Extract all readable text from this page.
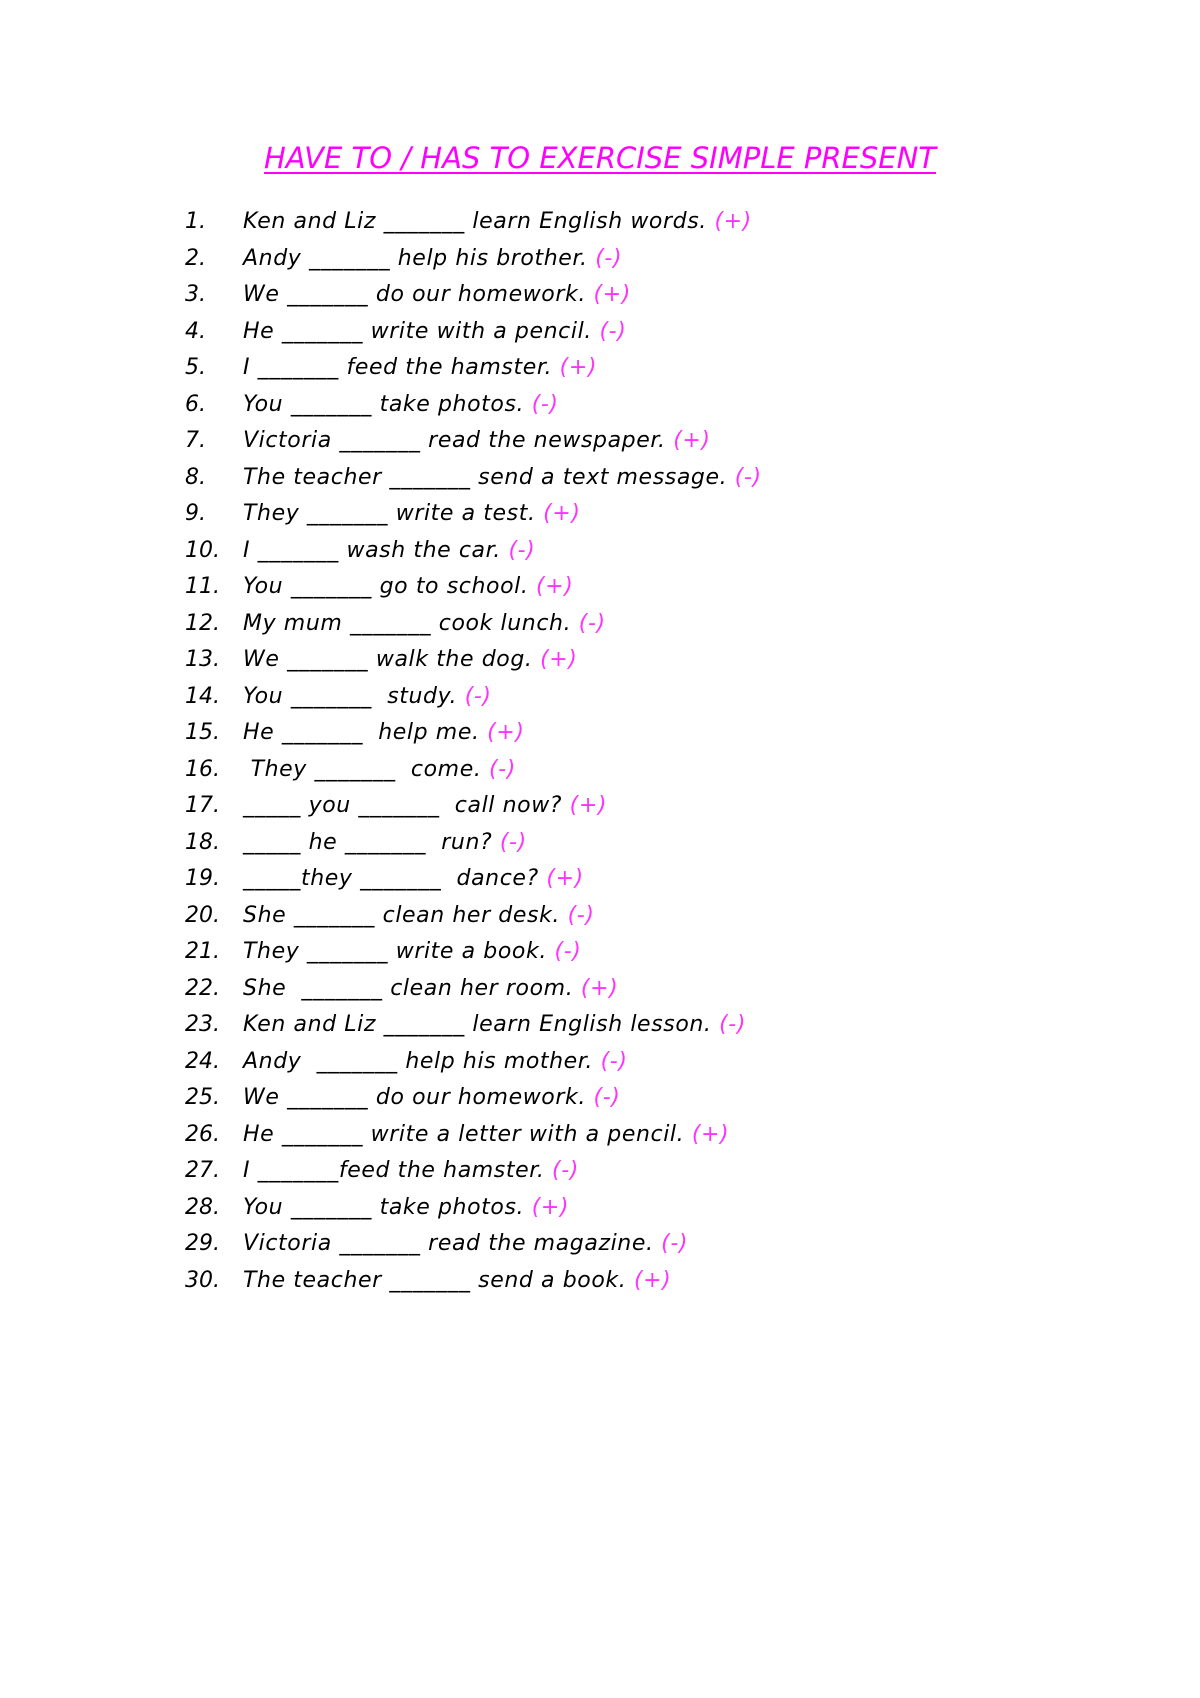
HAVE TO / HAS TO EXERCISE SIMPLE PRESENT
1. Ken and Liz _______ learn English words. (+)
2. Andy _______ help his brother. (-)
3. We _______ do our homework. (+)
4. He _______ write with a pencil. (-)
5. I _______ feed the hamster. (+)
6. You _______ take photos. (-)
7. Victoria _______ read the newspaper. (+)
8. The teacher _______ send a text message. (-)
9. They _______ write a test. (+)
10. I _______ wash the car. (-)
11. You _______ go to school. (+)
12. My mum _______ cook lunch. (-)
13. We _______ walk the dog. (+)
14. You _______  study. (-)
15. He _______  help me. (+)
16. They _______  come. (-)
17. _____ you _______  call now? (+)
18. _____ he _______  run? (-)
19. _____they _______  dance? (+)
20. She _______ clean her desk. (-)
21. They _______ write a book. (-)
22. She  _______ clean her room. (+)
23. Ken and Liz _______ learn English lesson. (-)
24. Andy  _______ help his mother. (-)
25. We _______ do our homework. (-)
26. He _______ write a letter with a pencil. (+)
27. I _______feed the hamster. (-)
28. You _______ take photos. (+)
29. Victoria _______ read the magazine. (-)
30. The teacher _______ send a book. (+)
